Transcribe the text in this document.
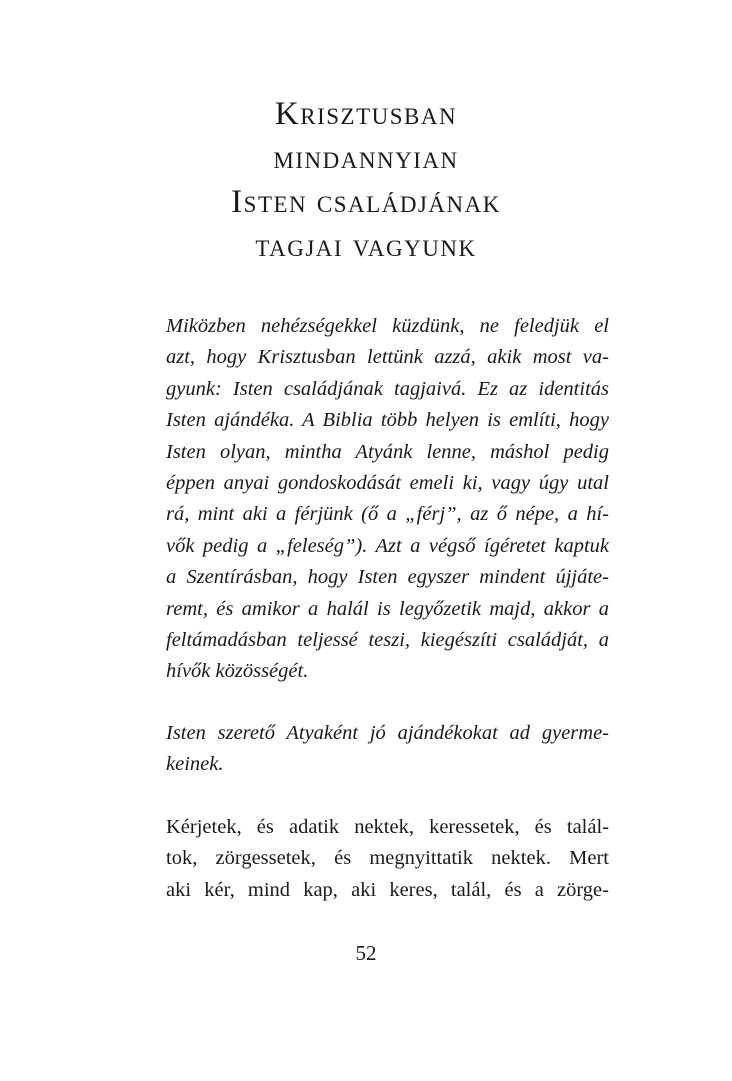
Krisztusban
mindannyian
Isten családjának
tagjai vagyunk
Miközben nehézségekkel küzdünk, ne feledjük el
azt, hogy Krisztusban lettünk azzá, akik most va-
gyunk: Isten családjának tagjaivá. Ez az identitás
Isten ajándéka. A Biblia több helyen is említi, hogy
Isten olyan, mintha Atyánk lenne, máshol pedig
éppen anyai gondoskodását emeli ki, vagy úgy utal
rá, mint aki a férjünk (ő a „férj”, az ő népe, a hí-
vők pedig a „feleség”). Azt a végső ígéretet kaptuk
a Szentírásban, hogy Isten egyszer mindent újjáte-
remt, és amikor a halál is legyőzetik majd, akkor a
feltámadásban teljessé teszi, kiegészíti családját, a
hívők közösségét.
Isten szerető Atyaként jó ajándékokat ad gyerme-
keinek.
Kérjetek, és adatik nektek, keressetek, és talál-
tok, zörgessetek, és megnyittatik nektek. Mert
aki kér, mind kap, aki keres, talál, és a zörge-
52
